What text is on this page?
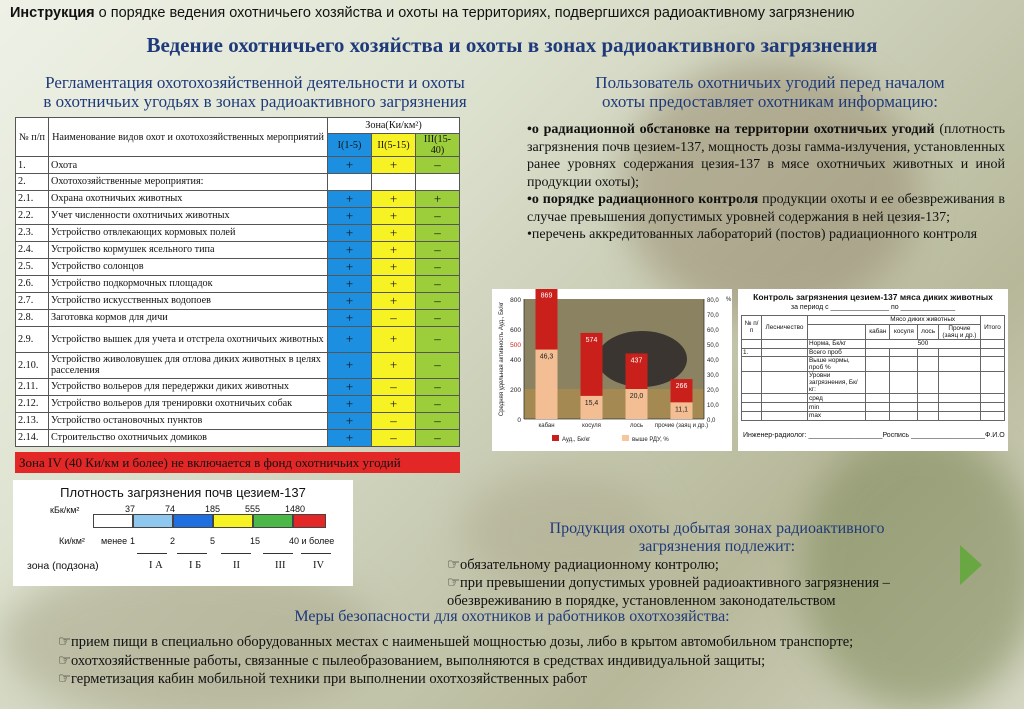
Инструкция о порядке ведения охотничьего хозяйства и охоты на территориях, подвергшихся радиоактивному загрязнению
Ведение охотничьего хозяйства и охоты в зонах радиоактивного загрязнения
Регламентация охотохозяйственной деятельности и охоты
в охотничьих угодьях в зонах радиоактивного загрязнения
Пользователь охотничьих угодий перед началом
охоты предоставляет охотникам информацию:
№ п/п	Наименование видов охот и охотохозяйственных мероприятий	Зона(Ки/км²)		
		I(1-5)	II(5-15)	III(15-40)
1.	Охота	+	+	–
2.	Охотохозяйственные мероприятия:			
2.1.	Охрана охотничьих животных	+	+	+
2.2.	Учет численности охотничьих животных	+	+	–
2.3.	Устройство отвлекающих кормовых полей	+	+	–
2.4.	Устройство кормушек ясельного типа	+	+	–
2.5.	Устройство солонцов	+	+	–
2.6.	Устройство подкормочных площадок	+	+	–
2.7.	Устройство искусственных водопоев	+	+	–
2.8.	Заготовка кормов для дичи	+	–	–
2.9.	Устройство вышек для учета и отстрела охотничьих животных	+	+	–
2.10.	Устройство живоловушек для отлова диких животных в целях расселения	+	+	–
2.11.	Устройство вольеров для передержки диких животных	+	–	–
2.12.	Устройство вольеров для тренировки охотничьих собак	+	+	–
2.13.	Устройство остановочных пунктов	+	–	–
2.14.	Строительство охотничьих домиков	+	–	–
Зона IV (40 Ки/км и более) не включается в фонд охотничьих угодий
Плотность загрязнения почв цезием-137
кБк/км²
Ки/км²
зона (подзона)
37	74	185	555	1480
менее 1	2	5	15	40 и более
I А	I Б	II	III	IV

•о радиационной обстановке на территории охотничьих угодий (плотность загрязнения почв цезием-137, мощность дозы гамма-излучения, установленных ранее уровнях содержания цезия-137 в мясе охотничьих животных и иной продукции охоты);

•о порядке радиационного контроля продукции охоты и ее обезвреживания в случае превышения допустимых уровней содержания в ней цезия-137;

•перечень аккредитованных лабораторий (постов) радиационного контроля

0
200
400
500
600
800
0,0
10,0
20,0
30,0
40,0
50,0
60,0
70,0
80,0 %
Средняя удельная активность Ауд., Бк/кг
869
46,3
кабан
574
15,4
косуля
437
20,0
лось
266
11,1
прочие (заяц и др.)
Ауд., Бк/кг	выше РДУ, %
Контроль загрязнения цезием-137 мяса диких животных
за период с _______________ по ______________
№ п/п	Лесничество		Мясо диких животных				Итого
			кабан	косуля	лось	Прочие (заяц и др.)	
		Норма, Бк/кг	500				
1.		Всего проб					
		Выше нормы, проб %					
		Уровни загрязнения, Бк/кг:					
		сред					
		min					
		max					
Инженер-радиолог: ___________________Роспись ___________________Ф.И.О
Продукция охоты добытая зонах радиоактивного
загрязнения подлежит:
☞обязательному радиационному контролю;
☞при превышении допустимых уровней радиоактивного загрязнения – обезвреживанию в порядке, установленном законодательством
Меры безопасности для охотников и работников охотхозяйства:
☞прием пищи в специально оборудованных местах с наименьшей мощностью дозы, либо в крытом автомобильном транспорте;
☞охотхозяйственные работы, связанные с пылеобразованием, выполняются в средствах индивидуальной защиты;
☞герметизация кабин мобильной техники при выполнении охотхозяйственных работ
